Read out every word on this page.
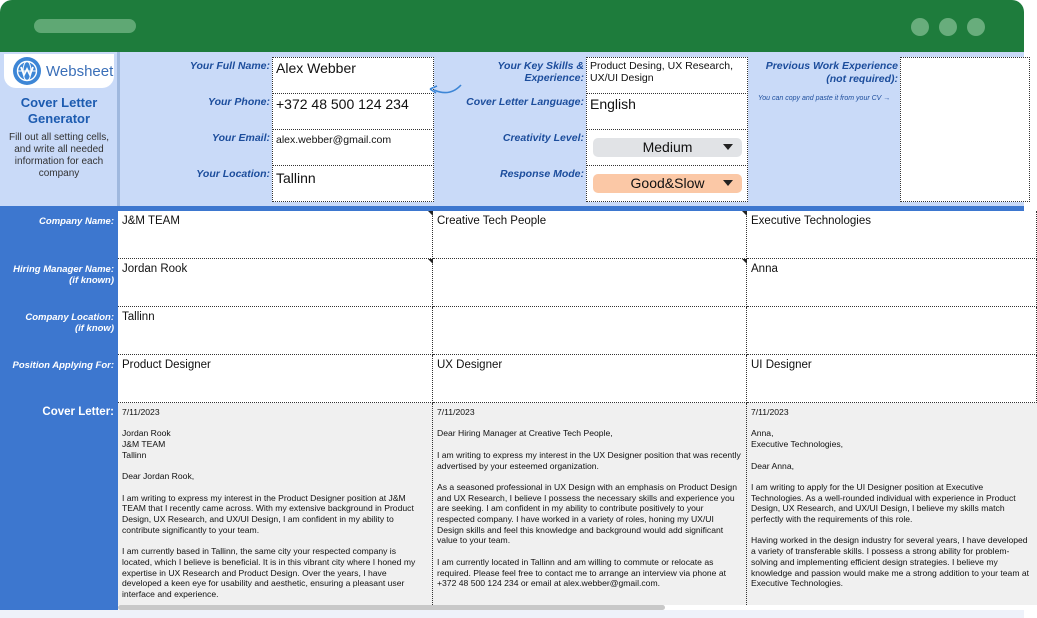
Websheet
Cover Letter Generator
Fill out all setting cells, and write all needed information for each company
Your Full Name: Alex Webber
Your Phone: +372 48 500 124 234
Your Email: alex.webber@gmail.com
Your Location: Tallinn
Your Key Skills & Experience:
Product Desing, UX Research, UX/UI Design
Cover Letter Language: English
Creativity Level:
Medium
Response Mode:
Good&Slow
Previous Work Experience
(not required):
You can copy and paste it from your CV →
Company Name:
Hiring Manager Name:
(if known)
Company Location:
(if know)
Position Applying For:
Cover Letter:
J&M TEAM
Jordan Rook
Tallinn
Product Designer
7/11/2023

Jordan Rook
J&M TEAM
Tallinn

Dear Jordan Rook,

I am writing to express my interest in the Product Designer position at J&M TEAM that I recently came across. With my extensive background in Product Design, UX Research, and UX/UI Design, I am confident in my ability to contribute significantly to your team.

I am currently based in Tallinn, the same city your respected company is located, which I believe is beneficial. It is in this vibrant city where I honed my expertise in UX Research and Product Design. Over the years, I have developed a keen eye for usability and aesthetic, ensuring a pleasant user interface and experience.
Creative Tech People
UX Designer
7/11/2023

Dear Hiring Manager at Creative Tech People,

I am writing to express my interest in the UX Designer position that was recently advertised by your esteemed organization.

As a seasoned professional in UX Design with an emphasis on Product Design and UX Research, I believe I possess the necessary skills and experience you are seeking. I am confident in my ability to contribute positively to your respected company. I have worked in a variety of roles, honing my UX/UI Design skills and feel this knowledge and background would add significant value to your team.

I am currently located in Tallinn and am willing to commute or relocate as required. Please feel free to contact me to arrange an interview via phone at +372 48 500 124 234 or email at alex.webber@gmail.com.
Executive Technologies
Anna
UI Designer
7/11/2023

Anna,
Executive Technologies,

Dear Anna,

I am writing to apply for the UI Designer position at Executive Technologies. As a well-rounded individual with experience in Product Design, UX Research, and UX/UI Design, I believe my skills match perfectly with the requirements of this role.

Having worked in the design industry for several years, I have developed a variety of transferable skills. I possess a strong ability for problem-solving and implementing efficient design strategies. I believe my knowledge and passion would make me a strong addition to your team at Executive Technologies.
